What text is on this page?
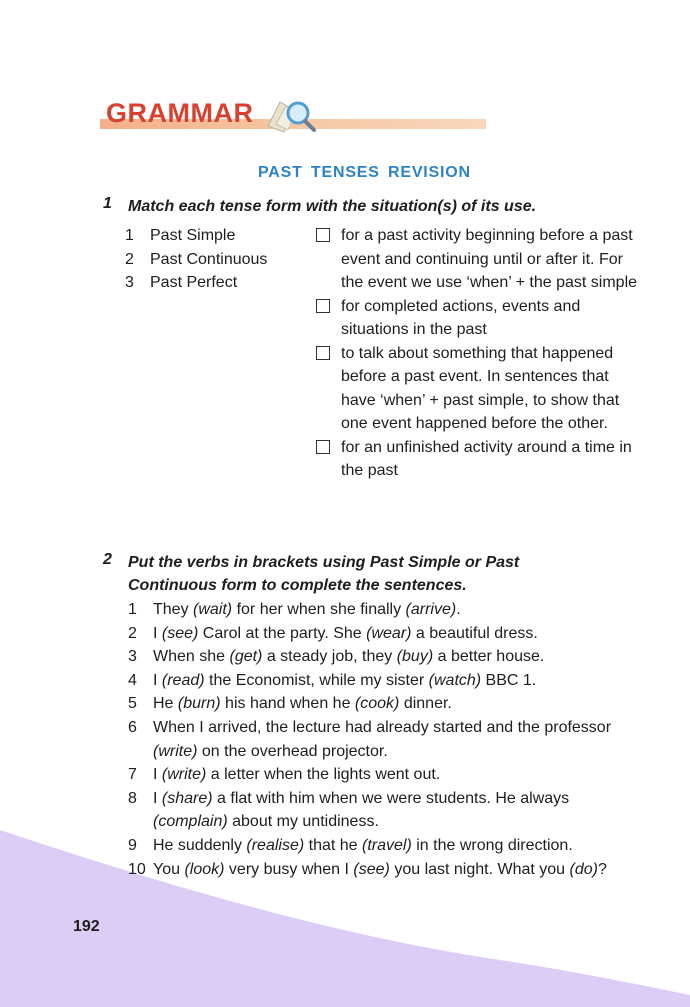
GRAMMAR
PAST TENSES REVISION
1 Match each tense form with the situation(s) of its use.
1 Past Simple
2 Past Continuous
3 Past Perfect
for a past activity beginning before a past event and continuing until or after it. For the event we use ‘when’ + the past simple
for completed actions, events and situations in the past
to talk about something that happened before a past event. In sentences that have ‘when’ + past simple, to show that one event happened before the other.
for an unfinished activity around a time in the past
2 Put the verbs in brackets using Past Simple or Past Continuous form to complete the sentences.
1 They (wait) for her when she finally (arrive).
2 I (see) Carol at the party. She (wear) a beautiful dress.
3 When she (get) a steady job, they (buy) a better house.
4 I (read) the Economist, while my sister (watch) BBC 1.
5 He (burn) his hand when he (cook) dinner.
6 When I arrived, the lecture had already started and the professor (write) on the overhead projector.
7 I (write) a letter when the lights went out.
8 I (share) a flat with him when we were students. He always (complain) about my untidiness.
9 He suddenly (realise) that he (travel) in the wrong direction.
10 You (look) very busy when I (see) you last night. What you (do)?
192
